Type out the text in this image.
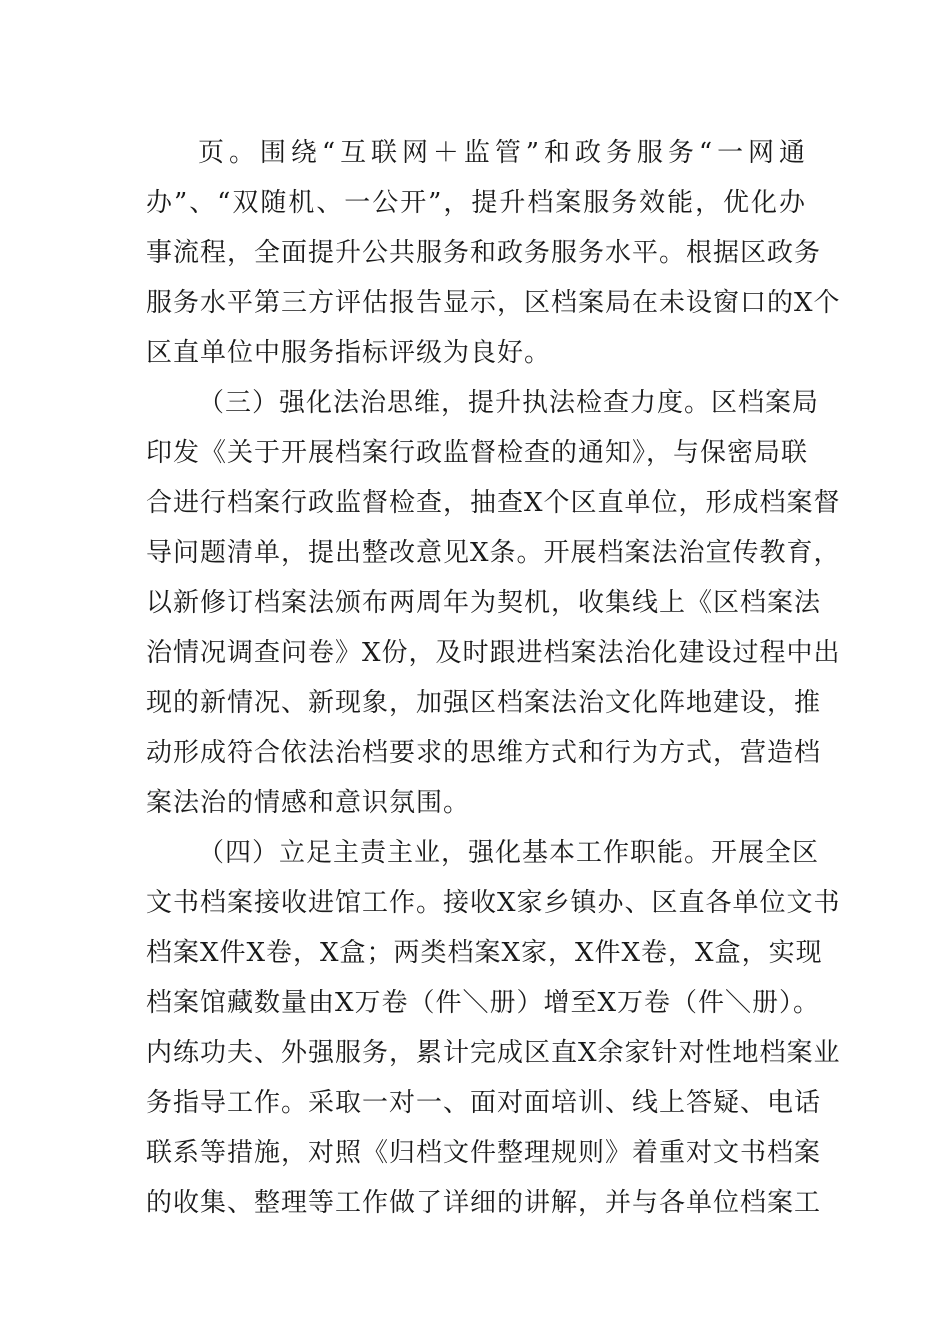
页。围绕“互联网＋监管”和政务服务“一网通
办”、“双随机、一公开”，提升档案服务效能，优化办
事流程，全面提升公共服务和政务服务水平。根据区政务
服务水平第三方评估报告显示，区档案局在未设窗口的X个
区直单位中服务指标评级为良好。
（三）强化法治思维，提升执法检查力度。区档案局
印发《关于开展档案行政监督检查的通知》，与保密局联
合进行档案行政监督检查，抽查X个区直单位，形成档案督
导问题清单，提出整改意见X条。开展档案法治宣传教育，
以新修订档案法颁布两周年为契机，收集线上《区档案法
治情况调查问卷》X份，及时跟进档案法治化建设过程中出
现的新情况、新现象，加强区档案法治文化阵地建设，推
动形成符合依法治档要求的思维方式和行为方式，营造档
案法治的情感和意识氛围。
（四）立足主责主业，强化基本工作职能。开展全区
文书档案接收进馆工作。接收X家乡镇办、区直各单位文书
档案X件X卷，X盒；两类档案X家，X件X卷，X盒，实现
档案馆藏数量由X万卷（件＼册）增至X万卷（件＼册）。
内练功夫、外强服务，累计完成区直X余家针对性地档案业
务指导工作。采取一对一、面对面培训、线上答疑、电话
联系等措施，对照《归档文件整理规则》着重对文书档案
的收集、整理等工作做了详细的讲解，并与各单位档案工
